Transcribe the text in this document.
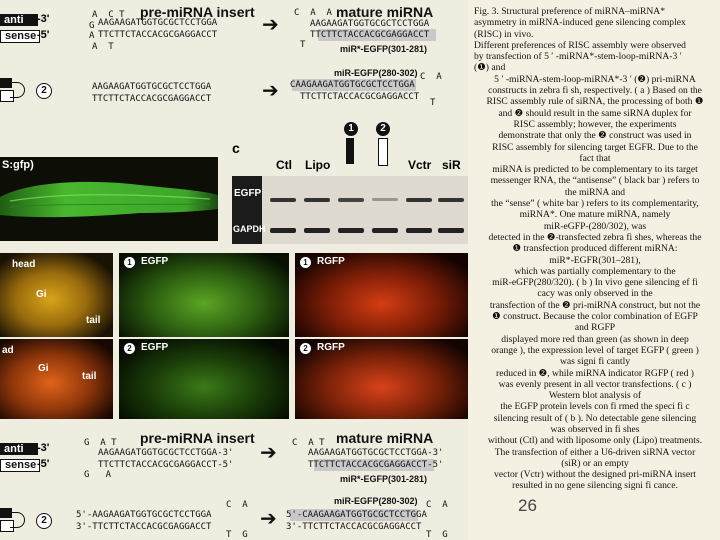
anti	-3'
sense -5'
pre-miRNA insert
A  C T
G
A
A  T
AAGAAGATGGTGCGCTCCTGGA
TTCTTCTACCACGCGAGGACCT ➔	mature miRNA
C  A  A
AAGAAGATGGTGCGCTCCTGGA
TTCTTCTACCACGCGAGGACCT
T	miR*-EGFP(301-281)
2	AAGAAGATGGTGCGCTCCTGGA
TTCTTCTACCACGCGAGGACCT	➔
miR-EGFP(280-302)
CAAGAAGATGGTGCGCTCCTGGA
TTCTTCTACCACGCGAGGACCT
C  A
T
S:gfp)
c
1	2
Ctl Lipo	Vctr siR
EGFP
GAPDH
head
Gi
tail
1 EGFP	1 RGFP
ad
Gi
tail
2 EGFP	2 RGFP
anti	-3'
sense -5'
pre-miRNA insert
G  A T
AAGAAGATGGTGCGCTCCTGGA-3'
TTCTTCTACCACGCGAGGACCT-5'
G   A
➔
mature miRNA
C  A T
AAGAAGATGGTGCGCTCCTGGA-3'
TTCTTCTACCACGCGAGGACCT-5'
miR*-EGFP(301-281)
2	5'-AAGAAGATGGTGCGCTCCTGGA
3'-TTCTTCTACCACGCGAGGACCT
C  A
T  G
➔
miR-EGFP(280-302)
5'-CAAGAAGATGGTGCGCTCCTGGA
3'-TTCTTCTACCACGCGAGGACCT
C  A
T  G

Fig. 3. Structural preference of miRNA–miRNA*

asymmetry in miRNA-induced gene silencing complex

(RISC) in vivo.

Different preferences of RISC assembly were observed

by transfection of 5 ′ -miRNA*-stem-loop-miRNA-3 ′

(❶) and

5 ′ -miRNA-stem-loop-miRNA*-3 ′ (❷) pri-miRNA

constructs in zebra fi sh, respectively. ( a ) Based on the

RISC assembly rule of siRNA, the processing of both ❶

and ❷ should result in the same siRNA duplex for

RISC assembly; however, the experiments

demonstrate that only the ❷ construct was used in

RISC assembly for silencing target EGFR. Due to the

fact that

miRNA is predicted to be complementary to its target

messenger RNA, the “antisense” ( black bar ) refers to

the miRNA and

the “sense” ( white bar ) refers to its complementarity,

miRNA*. One mature miRNA, namely

miR-eGFP-(280/302), was

detected in the ❷-transfected zebra fi shes, whereas the

❶ transfection produced different miRNA:

miR*-EGFR(301–281),

which was partially complementary to the

miR-eGFP(280/320). ( b ) In vivo gene silencing ef fi

cacy was only observed in the

transfection of the ❷ pri-miRNA construct, but not the

❶ construct. Because the color combination of EGFP

and RGFP

displayed more red than green (as shown in deep

orange ), the expression level of target EGFP ( green )

was signi fi cantly

reduced in ❷, while miRNA indicator RGFP ( red )

was evenly present in all vector transfections. ( c )

Western blot analysis of

the EGFP protein levels con fi rmed the speci fi c

silencing result of ( b ). No detectable gene silencing

was observed in fi shes

without (Ctl) and with liposome only (Lipo) treatments.

The transfection of either a U6-driven siRNA vector

(siR) or an empty

vector (Vctr) without the designed pri-miRNA insert

resulted in no gene silencing signi fi cance.

26
